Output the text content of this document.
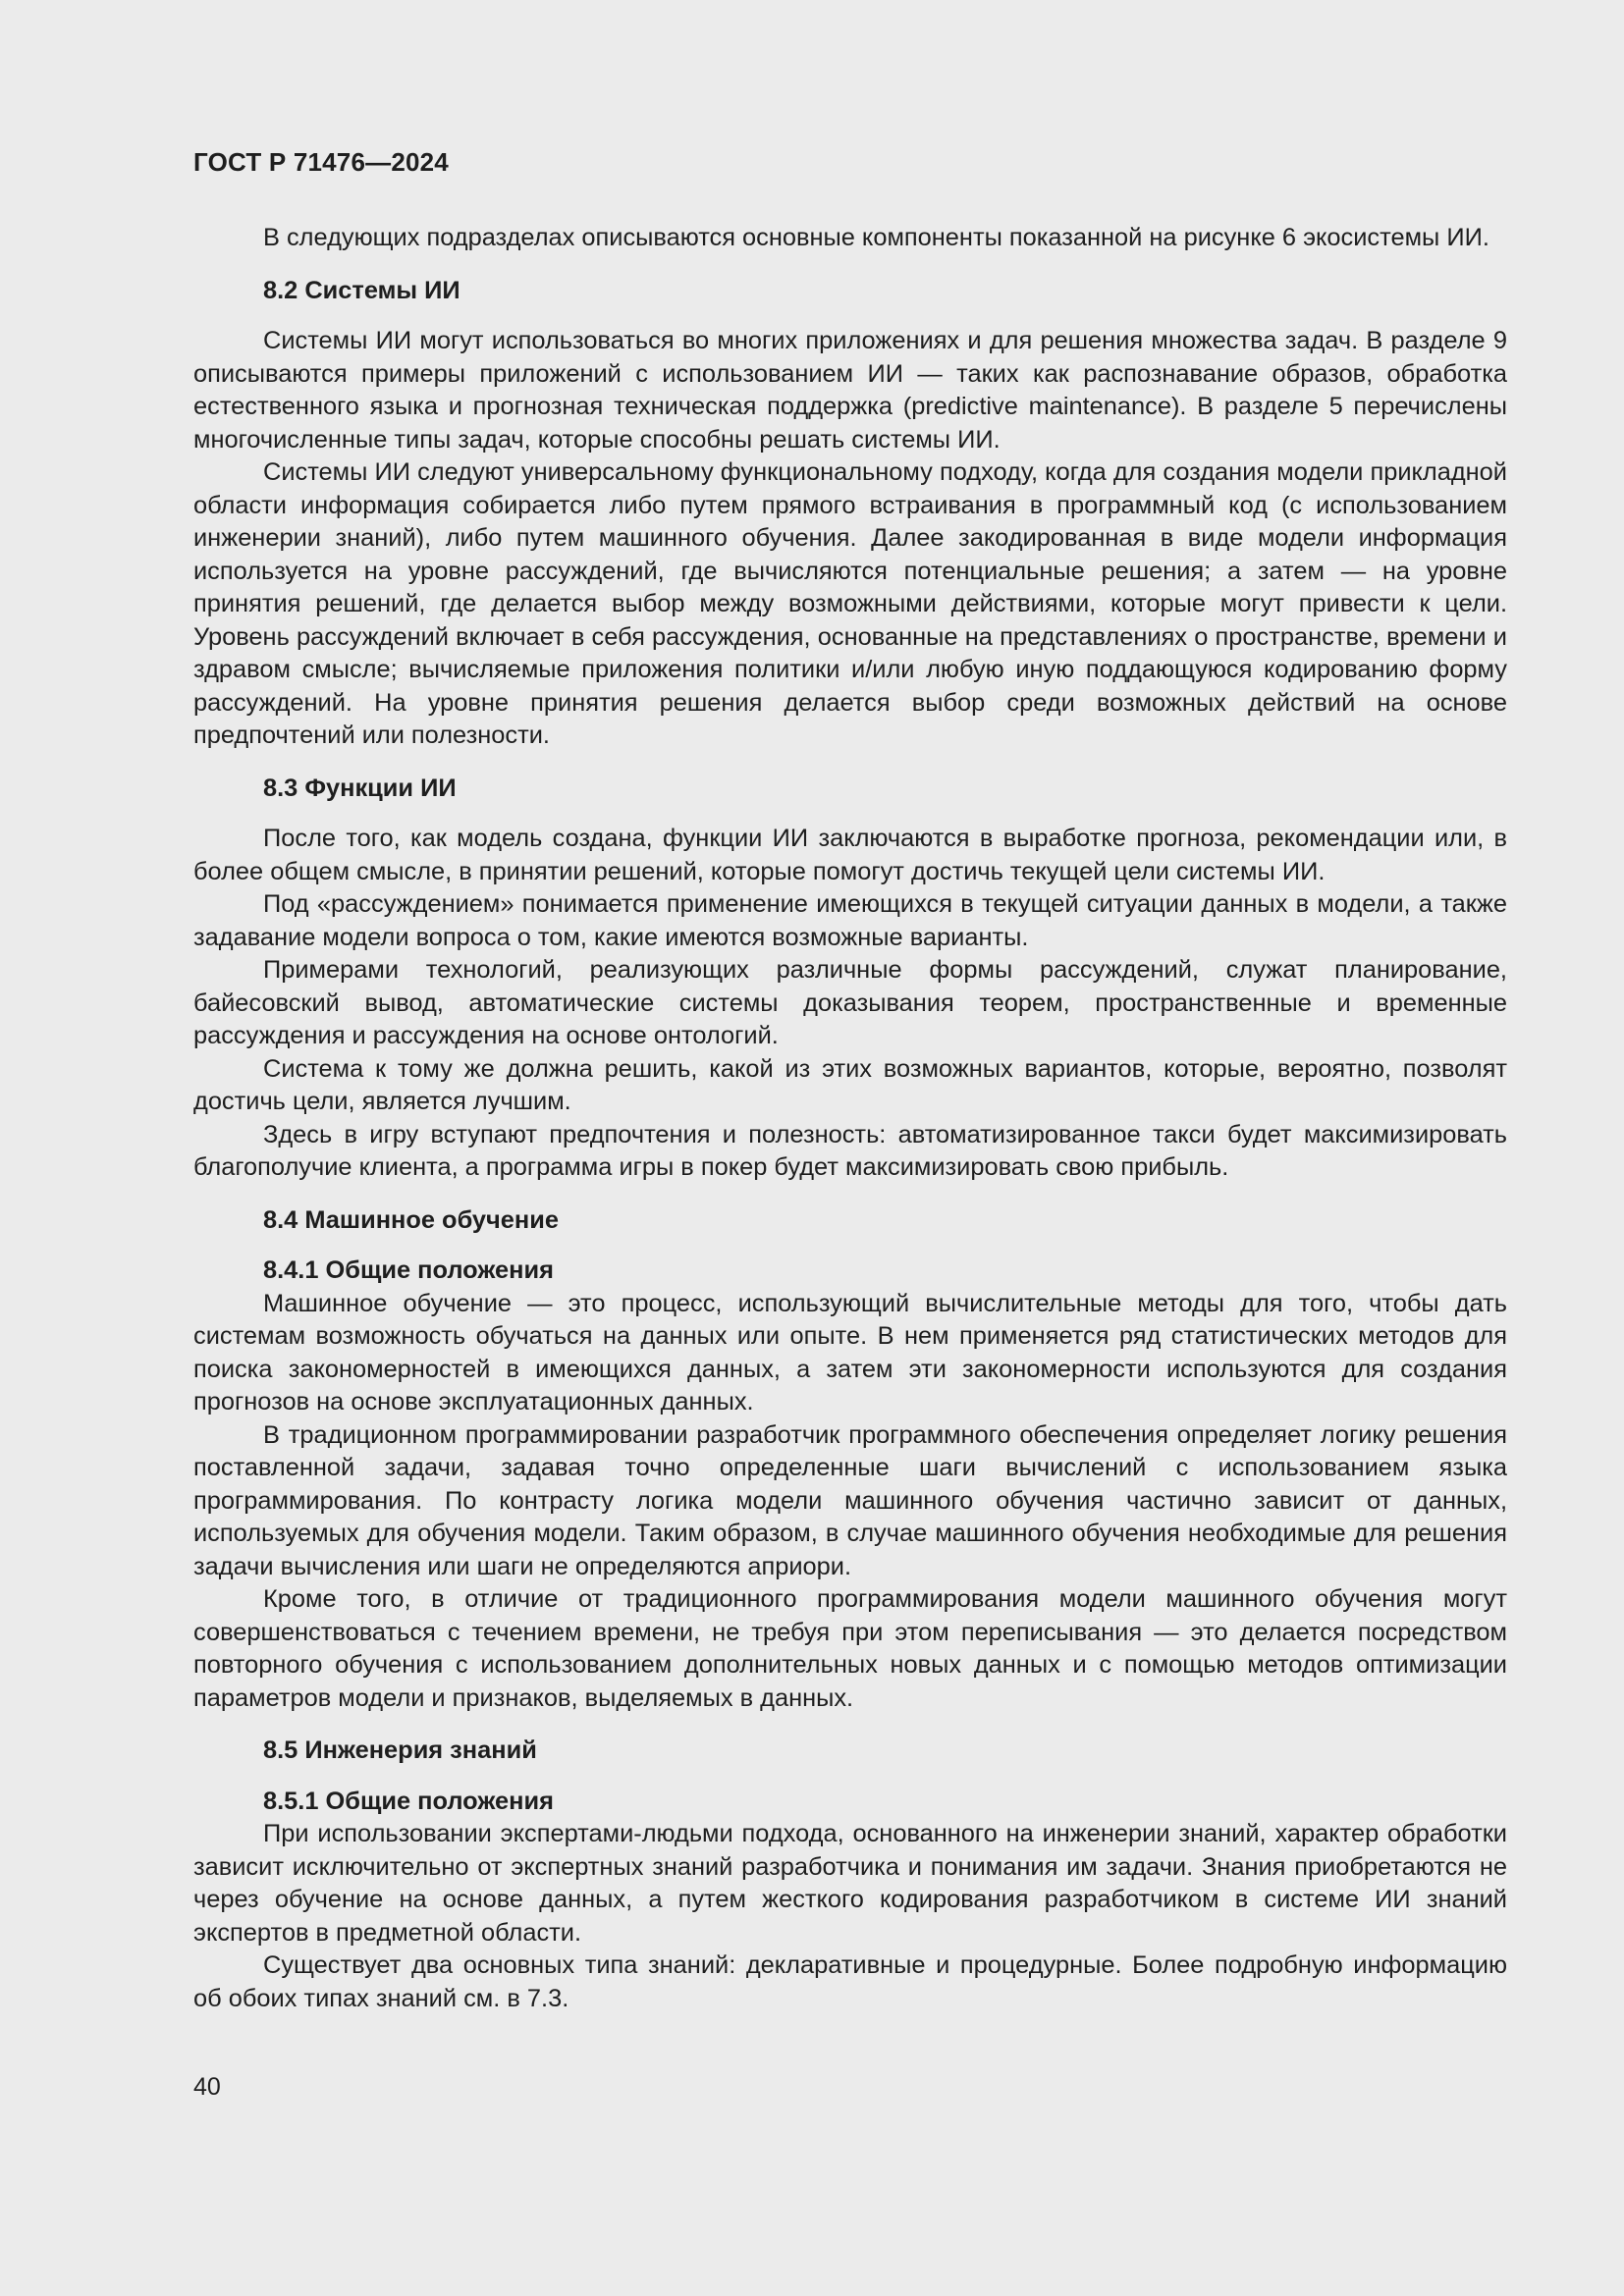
ГОСТ Р 71476—2024

В следующих подразделах описываются основные компоненты показанной на рисунке 6 экосистемы ИИ.

8.2 Системы ИИ

Системы ИИ могут использоваться во многих приложениях и для решения множества задач. В разделе 9 описываются примеры приложений с использованием ИИ — таких как распознавание образов, обработка естественного языка и прогнозная техническая поддержка (predictive maintenance). В разделе 5 перечислены многочисленные типы задач, которые способны решать системы ИИ.

Системы ИИ следуют универсальному функциональному подходу, когда для создания модели прикладной области информация собирается либо путем прямого встраивания в программный код (с использованием инженерии знаний), либо путем машинного обучения. Далее закодированная в виде модели информация используется на уровне рассуждений, где вычисляются потенциальные решения; а затем — на уровне принятия решений, где делается выбор между возможными действиями, которые могут привести к цели. Уровень рассуждений включает в себя рассуждения, основанные на представлениях о пространстве, времени и здравом смысле; вычисляемые приложения политики и/или любую иную поддающуюся кодированию форму рассуждений. На уровне принятия решения делается выбор среди возможных действий на основе предпочтений или полезности.

8.3 Функции ИИ

После того, как модель создана, функции ИИ заключаются в выработке прогноза, рекомендации или, в более общем смысле, в принятии решений, которые помогут достичь текущей цели системы ИИ.

Под «рассуждением» понимается применение имеющихся в текущей ситуации данных в модели, а также задавание модели вопроса о том, какие имеются возможные варианты.

Примерами технологий, реализующих различные формы рассуждений, служат планирование, байесовский вывод, автоматические системы доказывания теорем, пространственные и временные рассуждения и рассуждения на основе онтологий.

Система к тому же должна решить, какой из этих возможных вариантов, которые, вероятно, позволят достичь цели, является лучшим.

Здесь в игру вступают предпочтения и полезность: автоматизированное такси будет максимизировать благополучие клиента, а программа игры в покер будет максимизировать свою прибыль.

8.4 Машинное обучение
8.4.1 Общие положения

Машинное обучение — это процесс, использующий вычислительные методы для того, чтобы дать системам возможность обучаться на данных или опыте. В нем применяется ряд статистических методов для поиска закономерностей в имеющихся данных, а затем эти закономерности используются для создания прогнозов на основе эксплуатационных данных.

В традиционном программировании разработчик программного обеспечения определяет логику решения поставленной задачи, задавая точно определенные шаги вычислений с использованием языка программирования. По контрасту логика модели машинного обучения частично зависит от данных, используемых для обучения модели. Таким образом, в случае машинного обучения необходимые для решения задачи вычисления или шаги не определяются априори.

Кроме того, в отличие от традиционного программирования модели машинного обучения могут совершенствоваться с течением времени, не требуя при этом переписывания — это делается посредством повторного обучения с использованием дополнительных новых данных и с помощью методов оптимизации параметров модели и признаков, выделяемых в данных.

8.5 Инженерия знаний
8.5.1 Общие положения

При использовании экспертами-людьми подхода, основанного на инженерии знаний, характер обработки зависит исключительно от экспертных знаний разработчика и понимания им задачи. Знания приобретаются не через обучение на основе данных, а путем жесткого кодирования разработчиком в системе ИИ знаний экспертов в предметной области.

Существует два основных типа знаний: декларативные и процедурные. Более подробную информацию об обоих типах знаний см. в 7.3.

40
